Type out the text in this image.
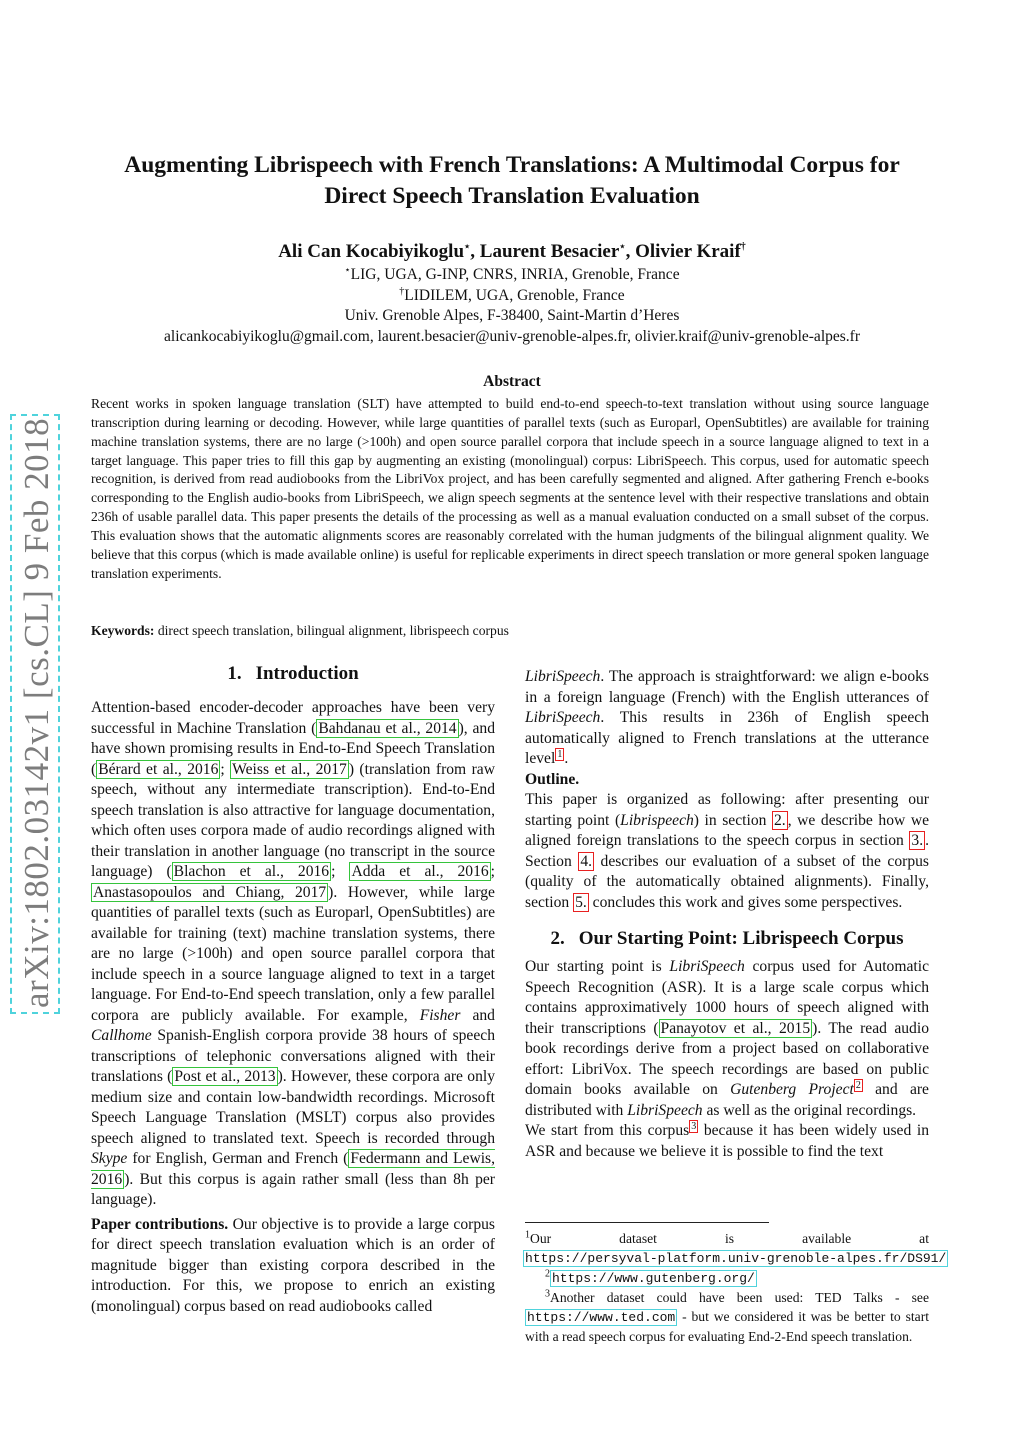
arXiv:1802.03142v1 [cs.CL] 9 Feb 2018
Augmenting Librispeech with French Translations: A Multimodal Corpus for
Direct Speech Translation Evaluation
Ali Can Kocabiyikoglu⋆, Laurent Besacier⋆, Olivier Kraif†
⋆LIG, UGA, G-INP, CNRS, INRIA, Grenoble, France
†LIDILEM, UGA, Grenoble, France
Univ. Grenoble Alpes, F-38400, Saint-Martin d’Heres
alicankocabiyikoglu@gmail.com, laurent.besacier@univ-grenoble-alpes.fr, olivier.kraif@univ-grenoble-alpes.fr
Abstract
Recent works in spoken language translation (SLT) have attempted to build end-to-end speech-to-text translation without using source language transcription during learning or decoding. However, while large quantities of parallel texts (such as Europarl, OpenSubtitles) are available for training machine translation systems, there are no large (>100h) and open source parallel corpora that include speech in a source language aligned to text in a target language. This paper tries to fill this gap by augmenting an existing (monolingual) corpus: LibriSpeech. This corpus, used for automatic speech recognition, is derived from read audiobooks from the LibriVox project, and has been carefully segmented and aligned. After gathering French e-books corresponding to the English audio-books from LibriSpeech, we align speech segments at the sentence level with their respective translations and obtain 236h of usable parallel data. This paper presents the details of the processing as well as a manual evaluation conducted on a small subset of the corpus. This evaluation shows that the automatic alignments scores are reasonably correlated with the human judgments of the bilingual alignment quality. We believe that this corpus (which is made available online) is useful for replicable experiments in direct speech translation or more general spoken language translation experiments.
Keywords: direct speech translation, bilingual alignment, librispeech corpus
1. Introduction

Attention-based encoder-decoder approaches have been very successful in Machine Translation ( Bahdanau et al., 2014 ), and have shown promising results in End-to-End Speech Translation ( Bérard et al., 2016 ; Weiss et al., 2017 ) (translation from raw speech, without any intermediate transcription). End-to-End speech translation is also attractive for language documentation, which often uses corpora made of audio recordings aligned with their translation in another language (no transcript in the source language) ( Blachon et al., 2016 ; Adda et al., 2016 ; Anastasopoulos and Chiang, 2017 ). However, while large quantities of parallel texts (such as Europarl, OpenSubtitles) are available for training (text) machine translation systems, there are no large (>100h) and open source parallel corpora that include speech in a source language aligned to text in a target language. For End-to-End speech translation, only a few parallel corpora are publicly available. For example, Fisher and Callhome Spanish-English corpora provide 38 hours of speech transcriptions of telephonic conversations aligned with their translations ( Post et al., 2013 ). However, these corpora are only medium size and contain low-bandwidth recordings. Microsoft Speech Language Translation (MSLT) corpus also provides speech aligned to translated text. Speech is recorded through Skype for English, German and French ( Federmann and Lewis, 2016 ). But this corpus is again rather small (less than 8h per language).

Paper contributions. Our objective is to provide a large corpus for direct speech translation evaluation which is an order of magnitude bigger than existing corpora described in the introduction. For this, we propose to enrich an existing (monolingual) corpus based on read audiobooks called

LibriSpeech. The approach is straightforward: we align e-books in a foreign language (French) with the English utterances of LibriSpeech. This results in 236h of English speech automatically aligned to French translations at the utterance level $^1$ .

Outline.

This paper is organized as following: after presenting our starting point (Librispeech) in section 2. , we describe how we aligned foreign translations to the speech corpus in section 3. . Section 4. describes our evaluation of a subset of the corpus (quality of the automatically obtained alignments). Finally, section 5. concludes this work and gives some perspectives.

2. Our Starting Point: Librispeech Corpus

Our starting point is LibriSpeech corpus used for Automatic Speech Recognition (ASR). It is a large scale corpus which contains approximatively 1000 hours of speech aligned with their transcriptions ( Panayotov et al., 2015 ). The read audio book recordings derive from a project based on collaborative effort: LibriVox. The speech recordings are based on public domain books available on Gutenberg Project $^2$ and are distributed with LibriSpeech as well as the original recordings.

We start from this corpus $^3$ because it has been widely used in ASR and because we believe it is possible to find the text

$^1$Our dataset is available at
https://persyval-platform.univ-grenoble-alpes.fr/DS91/
$^2$ https://www.gutenberg.org/
$^3$Another dataset could have been used: TED Talks - see https://www.ted.com - but we considered it was be better to start with a read speech corpus for evaluating End-2-End speech translation.
